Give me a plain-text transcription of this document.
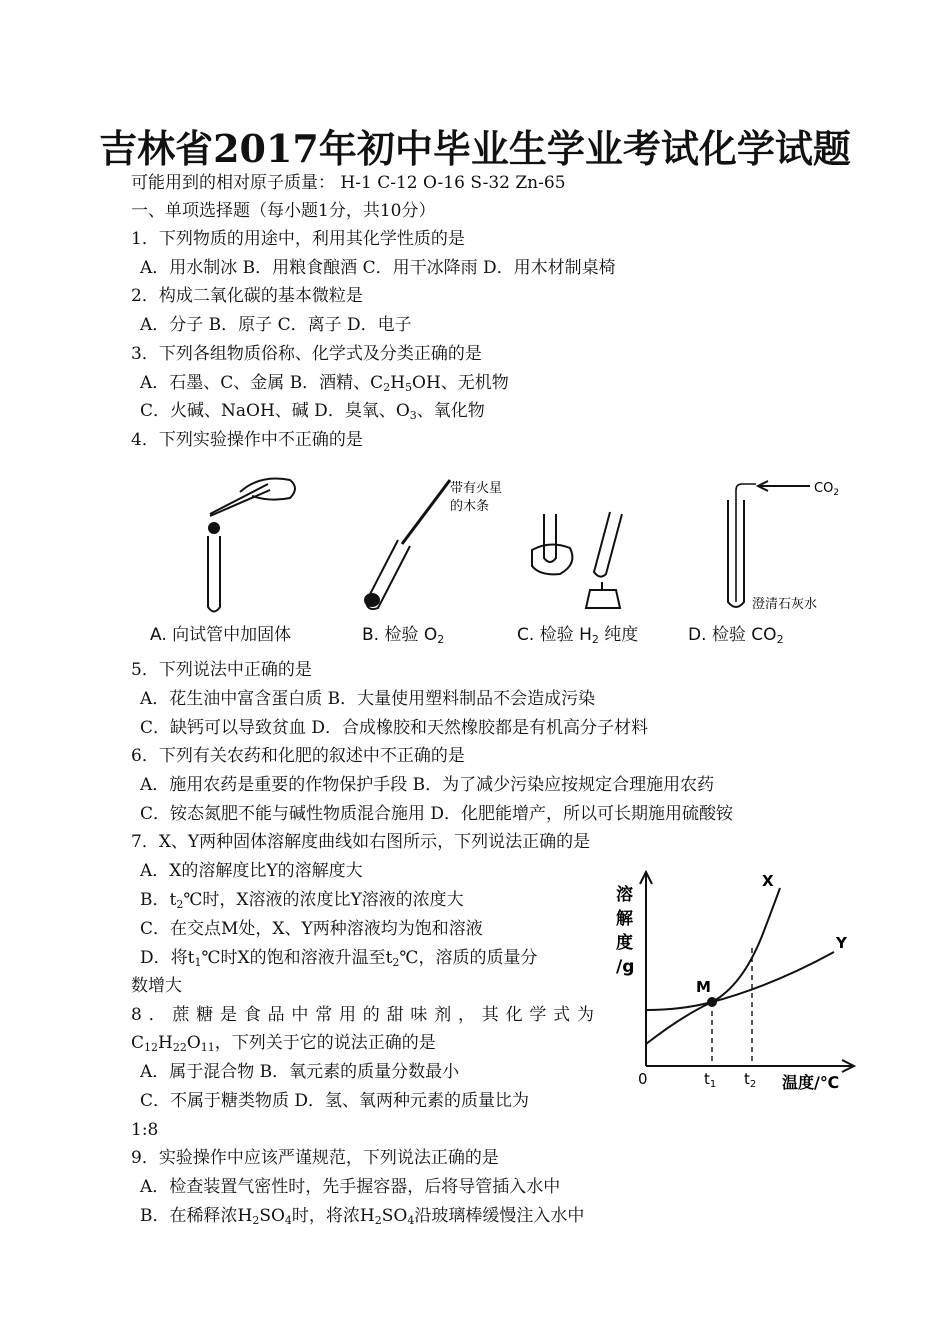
吉林省2017年初中毕业生学业考试化学试题
可能用到的相对原子质量： H-1 C-12 O-16 S-32 Zn-65
一、单项选择题（每小题1分，共10分）
1．下列物质的用途中，利用其化学性质的是
A．用水制冰 B．用粮食酿酒 C．用干冰降雨 D．用木材制桌椅
2．构成二氧化碳的基本微粒是
A．分子 B．原子 C．离子 D．电子
3．下列各组物质俗称、化学式及分类正确的是
A．石墨、C、金属 B．酒精、$C_2H_5OH$、无机物
C．火碱、NaOH、碱 D．臭氧、$O_3$、氧化物
4．下列实验操作中不正确的是
带有火星
的木条
$CO_2$
澄清石灰水
A. 向试管中加固体	B. 检验 $O_2$	C. 检验 $H_2$ 纯度	D. 检验 $CO_2$
5．下列说法中正确的是
A．花生油中富含蛋白质 B．大量使用塑料制品不会造成污染
C．缺钙可以导致贫血 D．合成橡胶和天然橡胶都是有机高分子材料
6．下列有关农药和化肥的叙述中不正确的是
A．施用农药是重要的作物保护手段 B．为了减少污染应按规定合理施用农药
C．铵态氮肥不能与碱性物质混合施用 D．化肥能增产，所以可长期施用硫酸铵
7．X、Y两种固体溶解度曲线如右图所示，下列说法正确的是
A．X的溶解度比Y的溶解度大
B．$t_2℃$时，X溶液的浓度比Y溶液的浓度大
C．在交点M处，X、Y两种溶液均为饱和溶液
D．将$t_1℃$时X的饱和溶液升温至$t_2℃$，溶质的质量分
数增大
8 ． 蔗 糖 是 食 品 中 常 用 的 甜 味 剂 ， 其 化 学 式 为
$C_{12}H_{22}O_{11}$，下列关于它的说法正确的是
A．属于混合物 B．氧元素的质量分数最小
C．不属于糖类物质 D．氢、氧两种元素的质量比为
1:8
9．实验操作中应该严谨规范，下列说法正确的是
A．检查装置气密性时，先手握容器，后将导管插入水中
B．在稀释浓$H_2SO_4$时，将浓$H_2SO_4$沿玻璃棒缓慢注入水中
溶
解
度
/g
M
X
Y
0	$t_1$ $t_2$ 温度/℃
